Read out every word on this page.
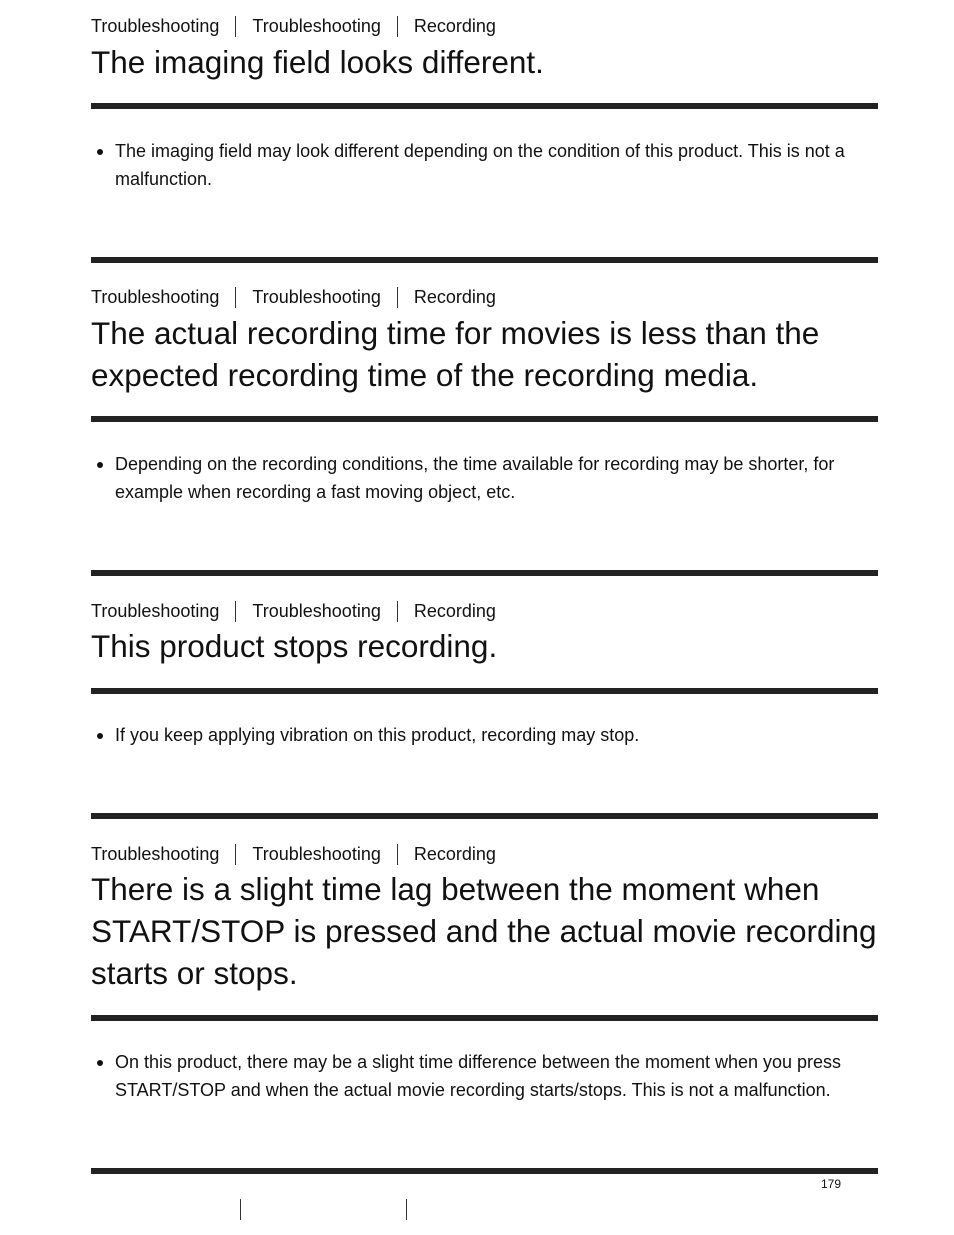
Troubleshooting Troubleshooting Recording
The imaging field looks different.
The imaging field may look different depending on the condition of this product. This is not a malfunction.
Troubleshooting Troubleshooting Recording
The actual recording time for movies is less than the expected recording time of the recording media.
Depending on the recording conditions, the time available for recording may be shorter, for example when recording a fast moving object, etc.
Troubleshooting Troubleshooting Recording
This product stops recording.
If you keep applying vibration on this product, recording may stop.
Troubleshooting Troubleshooting Recording
There is a slight time lag between the moment when START/STOP is pressed and the actual movie recording starts or stops.
On this product, there may be a slight time difference between the moment when you press START/STOP and when the actual movie recording starts/stops. This is not a malfunction.
179
